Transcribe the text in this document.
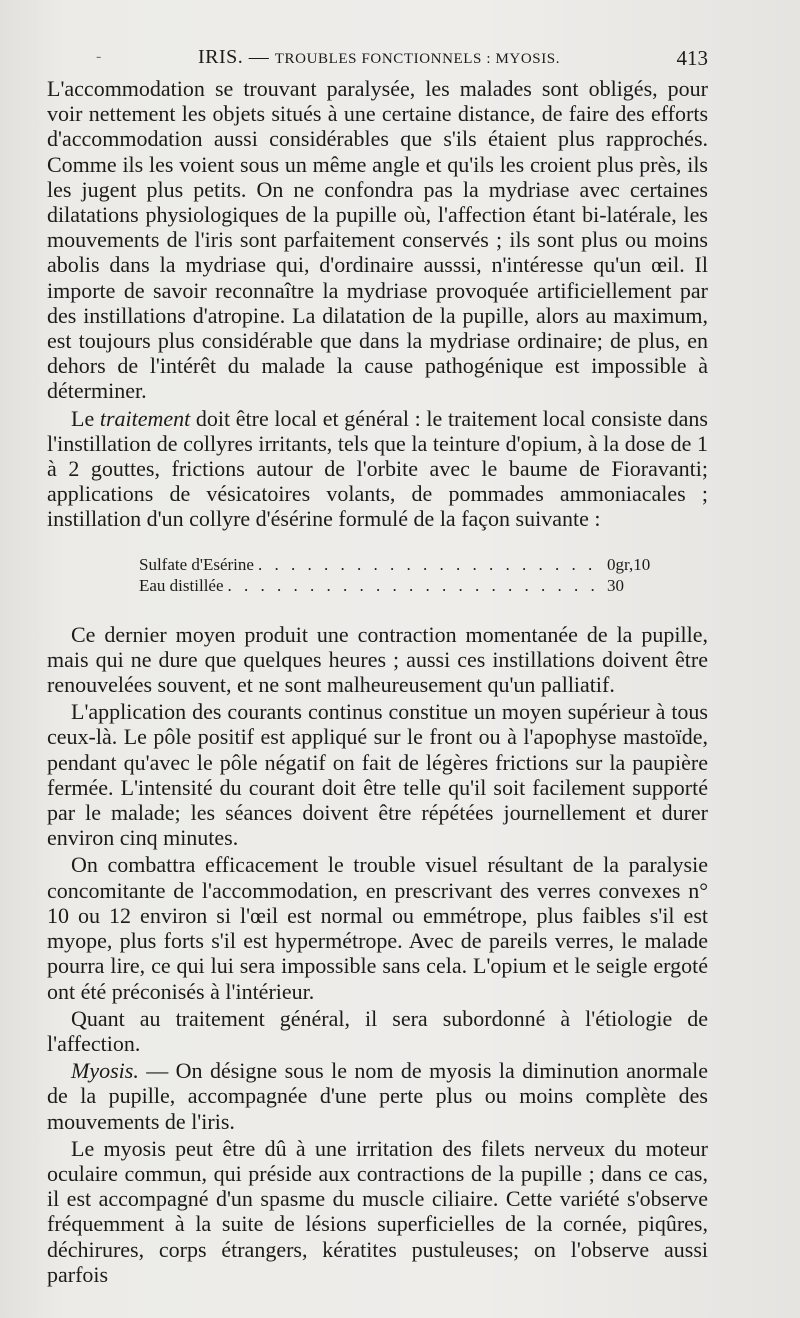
-	IRIS. — TROUBLES FONCTIONNELS : MYOSIS.	413

L'accommodation se trouvant paralysée, les malades sont obligés, pour voir nettement les objets situés à une certaine distance, de faire des efforts d'accommodation aussi considérables que s'ils étaient plus rapprochés. Comme ils les voient sous un même angle et qu'ils les croient plus près, ils les jugent plus petits. On ne confondra pas la mydriase avec certaines dilatations physiologiques de la pupille où, l'affection étant bi-latérale, les mouvements de l'iris sont parfaitement conservés ; ils sont plus ou moins abolis dans la mydriase qui, d'ordinaire ausssi, n'intéresse qu'un œil. Il importe de savoir reconnaître la mydriase provoquée artificiellement par des instillations d'atropine. La dilatation de la pupille, alors au maximum, est toujours plus considérable que dans la mydriase ordinaire; de plus, en dehors de l'intérêt du malade la cause pathogénique est impossible à déterminer.

Le traitement doit être local et général : le traitement local consiste dans l'instillation de collyres irritants, tels que la teinture d'opium, à la dose de 1 à 2 gouttes, frictions autour de l'orbite avec le baume de Fioravanti; applications de vésicatoires volants, de pommades ammoniacales ; instillation d'un collyre d'ésérine formulé de la façon suivante :

Sulfate d'Esérine . . .	0gr,10
Eau distillée . . .	30

Ce dernier moyen produit une contraction momentanée de la pupille, mais qui ne dure que quelques heures ; aussi ces instillations doivent être renouvelées souvent, et ne sont malheureusement qu'un palliatif.

L'application des courants continus constitue un moyen supérieur à tous ceux-là. Le pôle positif est appliqué sur le front ou à l'apophyse mastoïde, pendant qu'avec le pôle négatif on fait de légères frictions sur la paupière fermée. L'intensité du courant doit être telle qu'il soit facilement supporté par le malade; les séances doivent être répétées journellement et durer environ cinq minutes.

On combattra efficacement le trouble visuel résultant de la paralysie concomitante de l'accommodation, en prescrivant des verres convexes n° 10 ou 12 environ si l'œil est normal ou emmétrope, plus faibles s'il est myope, plus forts s'il est hypermétrope. Avec de pareils verres, le malade pourra lire, ce qui lui sera impossible sans cela. L'opium et le seigle ergoté ont été préconisés à l'intérieur.

Quant au traitement général, il sera subordonné à l'étiologie de l'affection.

Myosis. — On désigne sous le nom de myosis la diminution anormale de la pupille, accompagnée d'une perte plus ou moins complète des mouvements de l'iris.

Le myosis peut être dû à une irritation des filets nerveux du moteur oculaire commun, qui préside aux contractions de la pupille ; dans ce cas, il est accompagné d'un spasme du muscle ciliaire. Cette variété s'observe fréquemment à la suite de lésions superficielles de la cornée, piqûres, déchirures, corps étrangers, kératites pustuleuses; on l'observe aussi parfois
